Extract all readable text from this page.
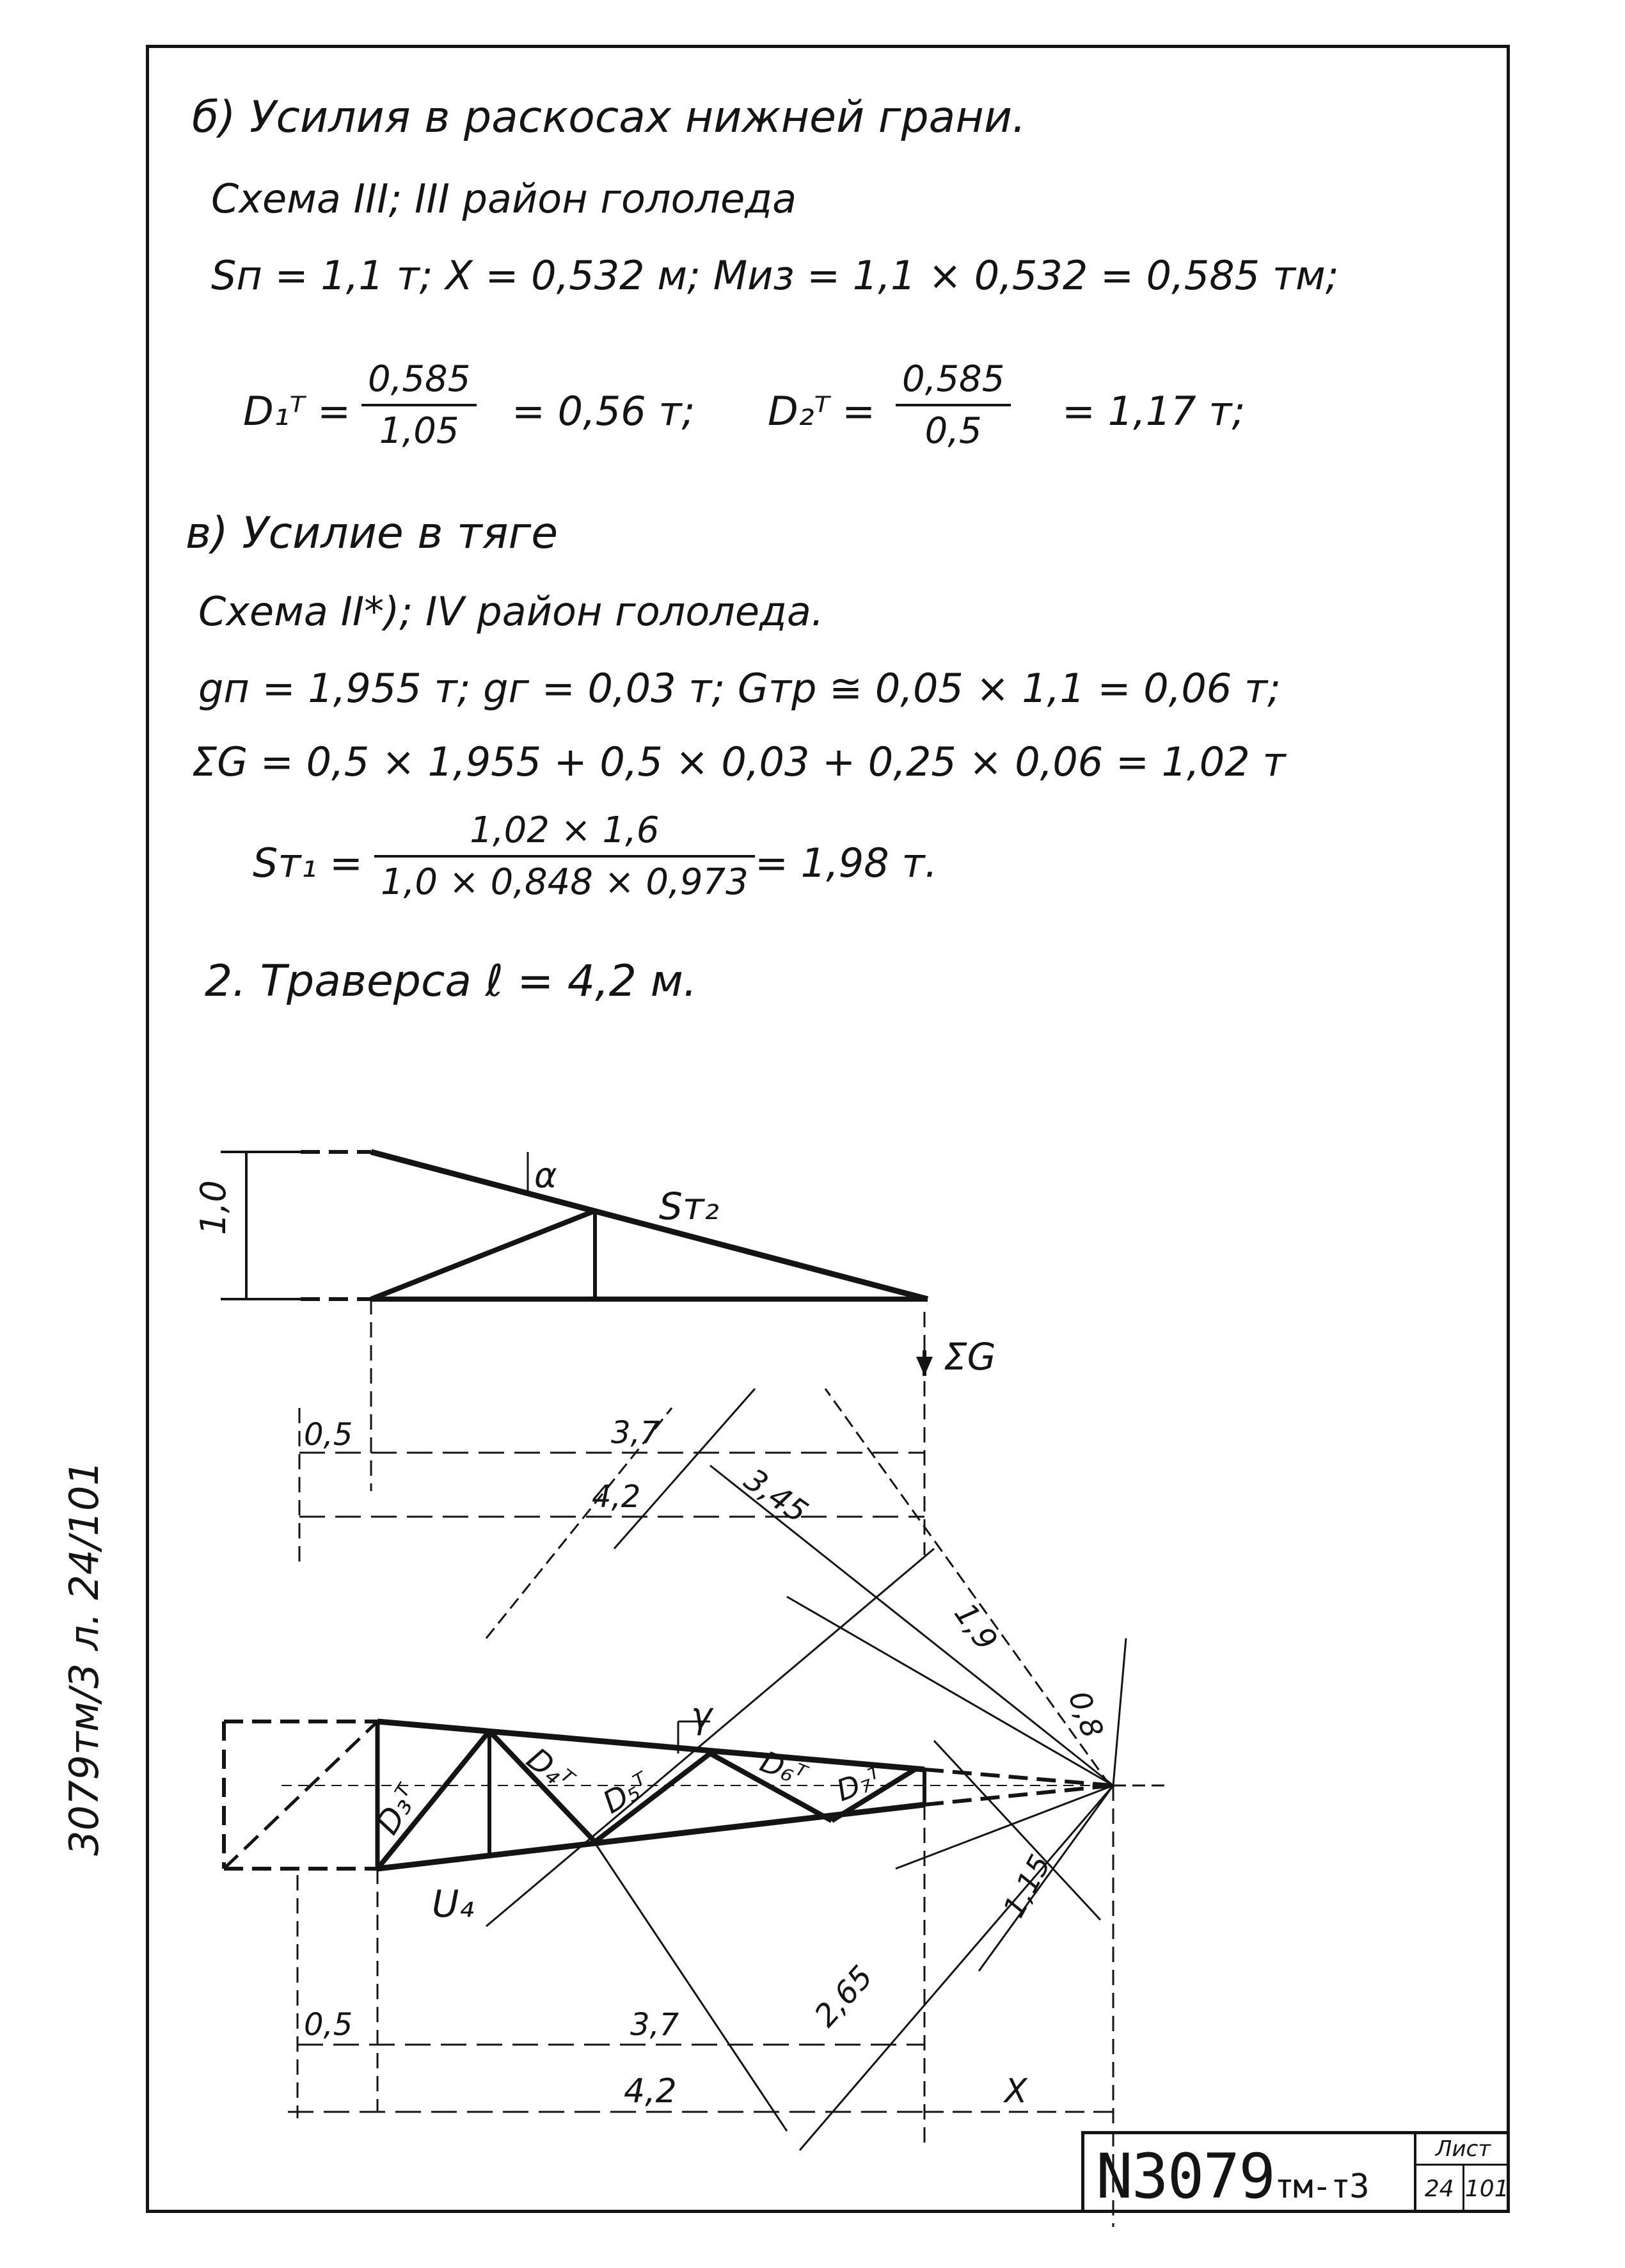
б) Усилия в раскосах нижней грани.
Схема III; III район гололеда
Sп = 1,1 т; X = 0,532 м; Mиз = 1,1 × 0,532 = 0,585 тм;
D₁ᵀ =
0,585
1,05	= 0,56 т; D₂ᵀ =
0,585
0,5	= 1,17 т;
в) Усилие в тяге
Схема II*); IV район гололеда.
gп = 1,955 т; gг = 0,03 т; Gтр ≅ 0,05 × 1,1 = 0,06 т;
ΣG = 0,5 × 1,955 + 0,5 × 0,03 + 0,25 × 0,06 = 1,02 т
Sт₁ =
1,02 × 1,6
1,0 × 0,848 × 0,973 = 1,98 т.
2. Траверса ℓ = 4,2 м.
1,0
α
Sт₂
ΣG
0,5	3,7
4,2	3,45
1,9
0,8
1,15
2,65
γ
D₃ᵀ
D₄ᵀ D₅ᵀ	D₆ᵀ D₇ᵀ
U₄
0,5	3,7
4,2	X
3079тм/3 л. 24/101
N3079тм-т3
Лист
24 101
